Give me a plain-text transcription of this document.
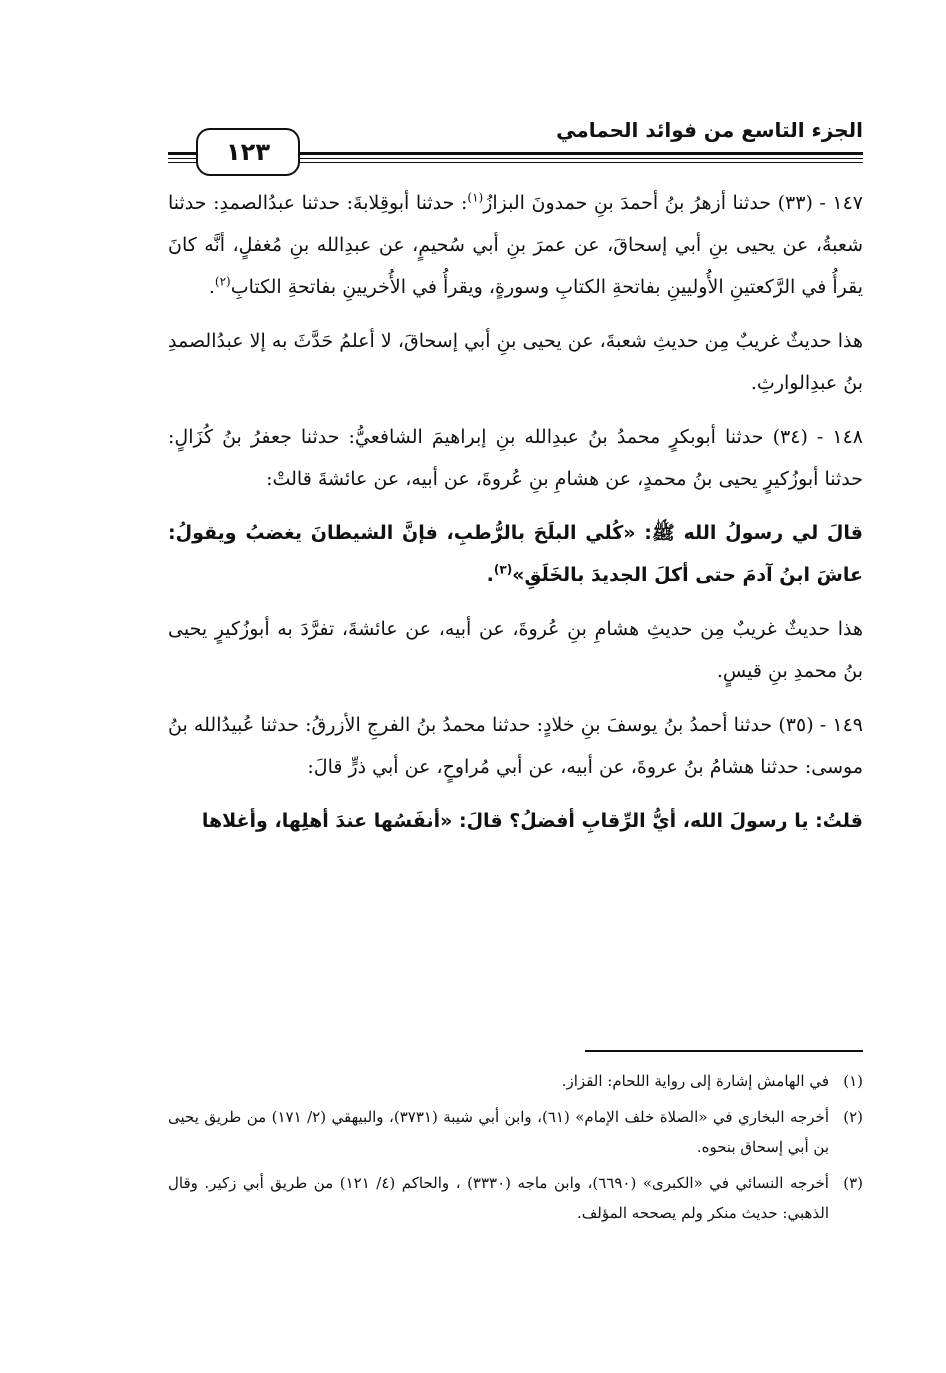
الجزء التاسع من فوائد الحمامي
١٢٣

١٤٧ - (٣٣) حدثنا أزهرُ بنُ أحمدَ بنِ حمدونَ البزازُ$^{(١)}$: حدثنا أبوقِلابةَ: حدثنا عبدُالصمدِ: حدثنا شعبةُ، عن يحيى بنِ أبي إسحاقَ، عن عمرَ بنِ أبي سُحيمٍ، عن عبدِالله بنِ مُغفلٍ، أنَّه كانَ يقرأُ في الرَّكعتينِ الأُوليينِ بفاتحةِ الكتابِ وسورةٍ، ويقرأُ في الأُخريينِ بفاتحةِ الكتابِ$^{(٢)}$.

هذا حديثٌ غريبٌ مِن حديثِ شعبةَ، عن يحيى بنِ أبي إسحاقَ، لا أعلمُ حَدَّثَ به إلا عبدُالصمدِ بنُ عبدِالوارثِ.

١٤٨ - (٣٤) حدثنا أبوبكرٍ محمدُ بنُ عبدِالله بنِ إبراهيمَ الشافعيُّ: حدثنا جعفرُ بنُ كُزَالٍ: حدثنا أبوزُكيرٍ يحيى بنُ محمدٍ، عن هشامِ بنِ عُروةَ، عن أبيه، عن عائشةَ قالتْ:

قالَ لي رسولُ الله ﷺ: «كُلي البلَحَ بالرُّطبِ، فإنَّ الشيطانَ يغضبُ ويقولُ: عاشَ ابنُ آدمَ حتى أكلَ الجديدَ بالخَلَقِ»$^{(٣)}$.

هذا حديثٌ غريبٌ مِن حديثِ هشامِ بنِ عُروةَ، عن أبيه، عن عائشةَ، تفرَّدَ به أبوزُكيرٍ يحيى بنُ محمدِ بنِ قيسٍ.

١٤٩ - (٣٥) حدثنا أحمدُ بنُ يوسفَ بنِ خلادٍ: حدثنا محمدُ بنُ الفرجِ الأزرقُ: حدثنا عُبيدُالله بنُ موسى: حدثنا هشامُ بنُ عروةَ، عن أبيه، عن أبي مُراوحٍ، عن أبي ذرٍّ قالَ:

قلتُ: يا رسولَ الله، أيُّ الرِّقابِ أفضلُ؟ قالَ: «أنفَسُها عندَ أهلِها، وأغلاها

(١)
في الهامش إشارة إلى رواية اللحام: القزاز.
(٢)
أخرجه البخاري في «الصلاة خلف الإمام» (٦١)، وابن أبي شيبة (٣٧٣١)، والبيهقي (٢/ ١٧١) من طريق يحيى بن أبي إسحاق بنحوه.
(٣)
أخرجه النسائي في «الكبرى» (٦٦٩٠)، وابن ماجه (٣٣٣٠) ، والحاكم (٤/ ١٢١) من طريق أبي زكير. وقال الذهبي: حديث منكر ولم يصححه المؤلف.
